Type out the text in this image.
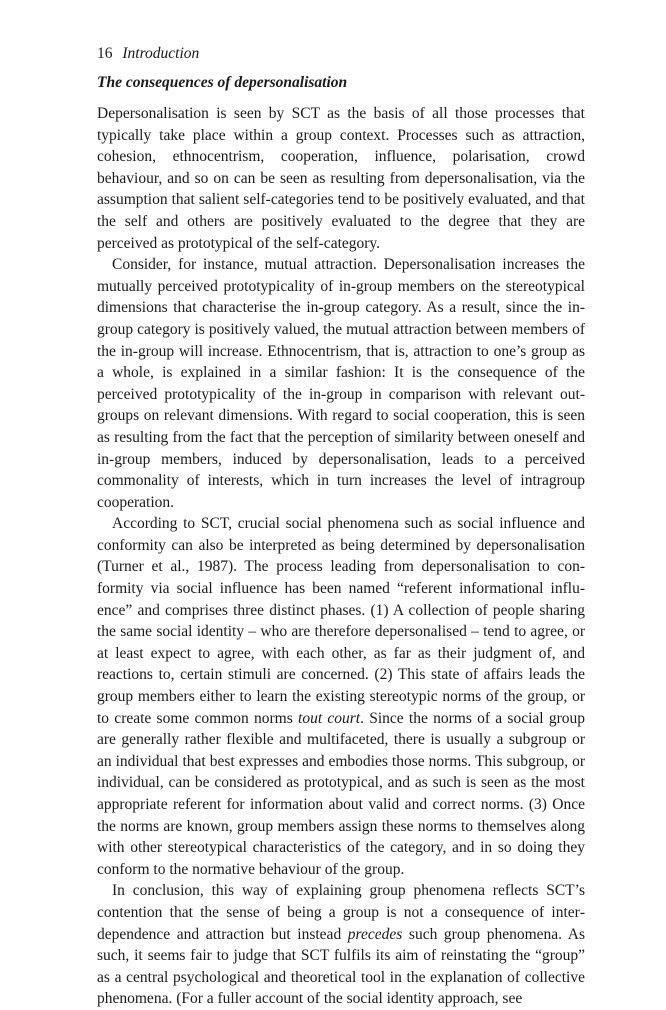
16 Introduction
The consequences of depersonalisation

Depersonalisation is seen by SCT as the basis of all those processes that typically take place within a group context. Processes such as attraction, cohesion, ethnocentrism, cooperation, influence, polarisation, crowd behaviour, and so on can be seen as resulting from depersonalisation, via the assumption that salient self-categories tend to be positively evaluated, and that the self and others are positively evaluated to the degree that they are perceived as prototypical of the self-category.

Consider, for instance, mutual attraction. Depersonalisation increases the mutually perceived prototypicality of in-group members on the stereotypical dimensions that characterise the in-group category. As a result, since the in-group category is positively valued, the mutual attraction between members of the in-group will increase. Ethnocentrism, that is, attraction to one’s group as a whole, is explained in a similar fashion: It is the consequence of the perceived prototypicality of the in-group in comparison with relevant out-groups on relevant dimensions. With regard to social cooperation, this is seen as resulting from the fact that the perception of similarity between oneself and in-group members, induced by depersonalisation, leads to a perceived commonality of interests, which in turn increases the level of intragroup cooperation.

According to SCT, crucial social phenomena such as social influence and conformity can also be interpreted as being determined by depersonalisation (Turner et al., 1987). The process leading from depersonalisation to conformity via social influence has been named “referent informational influence” and comprises three distinct phases. (1) A collection of people sharing the same social identity – who are therefore depersonalised – tend to agree, or at least expect to agree, with each other, as far as their judgment of, and reactions to, certain stimuli are concerned. (2) This state of affairs leads the group members either to learn the existing stereotypic norms of the group, or to create some common norms tout court. Since the norms of a social group are generally rather flexible and multifaceted, there is usually a subgroup or an individual that best expresses and embodies those norms. This subgroup, or individual, can be considered as prototypical, and as such is seen as the most appropriate referent for information about valid and correct norms. (3) Once the norms are known, group members assign these norms to themselves along with other stereotypical characteristics of the category, and in so doing they conform to the normative behaviour of the group.

In conclusion, this way of explaining group phenomena reflects SCT’s contention that the sense of being a group is not a consequence of interdependence and attraction but instead precedes such group phenomena. As such, it seems fair to judge that SCT fulfils its aim of reinstating the “group” as a central psychological and theoretical tool in the explanation of collective phenomena. (For a fuller account of the social identity approach, see
